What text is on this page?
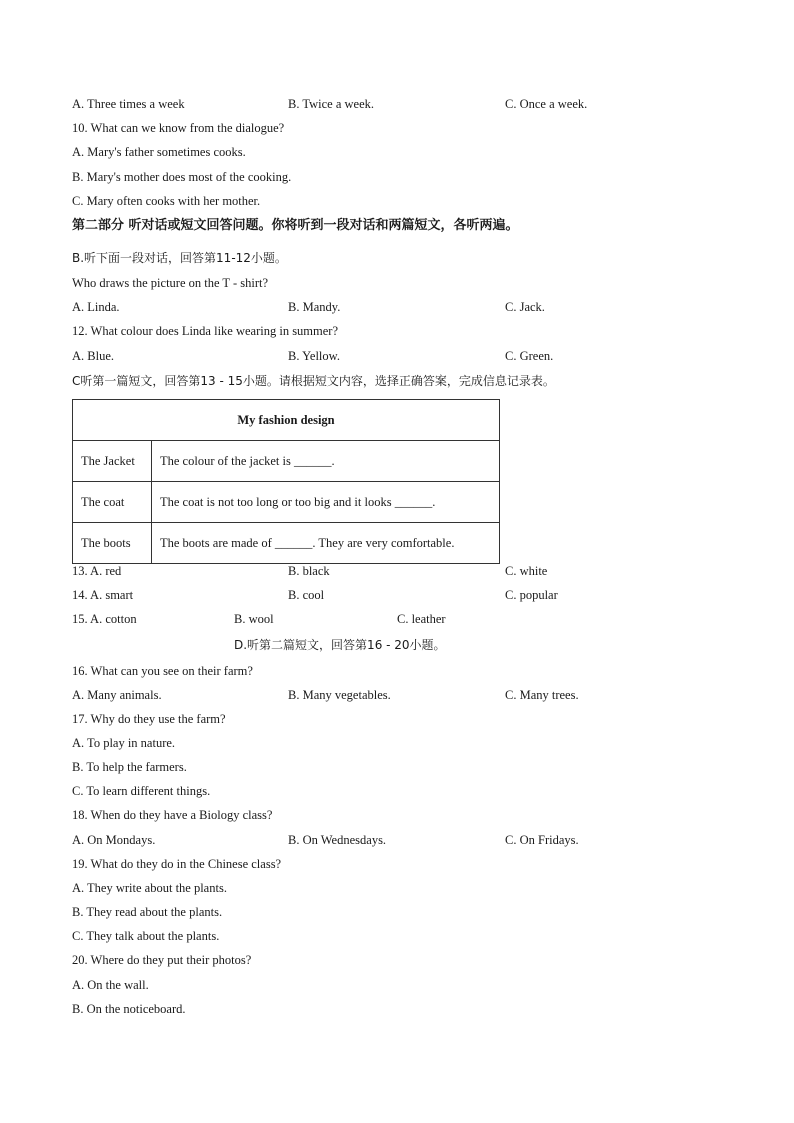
A. Three times a week	B. Twice a week.	C. Once a week.
10. What can we know from the dialogue?
A. Mary's father sometimes cooks.
B. Mary's mother does most of the cooking.
C. Mary often cooks with her mother.
第二部分 听对话或短文回答问题。你将听到一段对话和两篇短文，各听两遍。
B.听下面一段对话，回答第11-12小题。
Who draws the picture on the T - shirt?
A. Linda.	B. Mandy.	C. Jack.
12. What colour does Linda like wearing in summer?
A. Blue.	B. Yellow.	C. Green.
C听第一篇短文，回答第13 - 15小题。请根据短文内容，选择正确答案，完成信息记录表。
My fashion design	
The Jacket	The colour of the jacket is ______.
The coat	The coat is not too long or too big and it looks ______.
The boots	The boots are made of ______. They are very comfortable.
13. A. red	B. black	C. white
14. A. smart	B. cool	C. popular
15. A. cotton	B. wool	C. leather
D.听第二篇短文，回答第16 - 20小题。
16. What can you see on their farm?
A. Many animals.	B. Many vegetables.	C. Many trees.
17. Why do they use the farm?
A. To play in nature.
B. To help the farmers.
C. To learn different things.
18. When do they have a Biology class?
A. On Mondays.	B. On Wednesdays.	C. On Fridays.
19. What do they do in the Chinese class?
A. They write about the plants.
B. They read about the plants.
C. They talk about the plants.
20. Where do they put their photos?
A. On the wall.
B. On the noticeboard.
